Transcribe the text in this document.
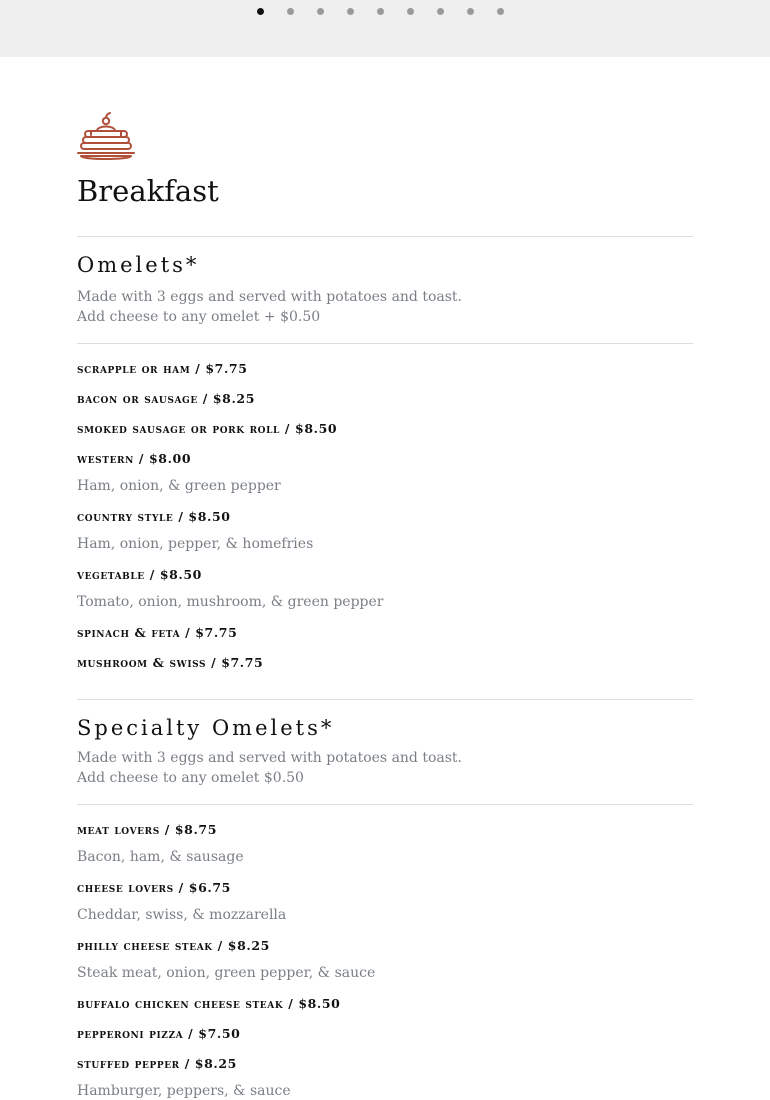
Breakfast
Omelets*

Made with 3 eggs and served with potatoes and toast.

Add cheese to any omelet + $0.50

scrapple or ham / $7.75
bacon or sausage / $8.25
smoked sausage or pork roll / $8.50
western / $8.00
Ham, onion, & green pepper
country style / $8.50
Ham, onion, pepper, & homefries
vegetable / $8.50
Tomato, onion, mushroom, & green pepper
spinach & feta / $7.75
mushroom & swiss / $7.75
Specialty Omelets*

Made with 3 eggs and served with potatoes and toast.

Add cheese to any omelet $0.50

meat lovers / $8.75
Bacon, ham, & sausage
cheese lovers / $6.75
Cheddar, swiss, & mozzarella
philly cheese steak / $8.25
Steak meat, onion, green pepper, & sauce
buffalo chicken cheese steak / $8.50
pepperoni pizza / $7.50
stuffed pepper / $8.25
Hamburger, peppers, & sauce
